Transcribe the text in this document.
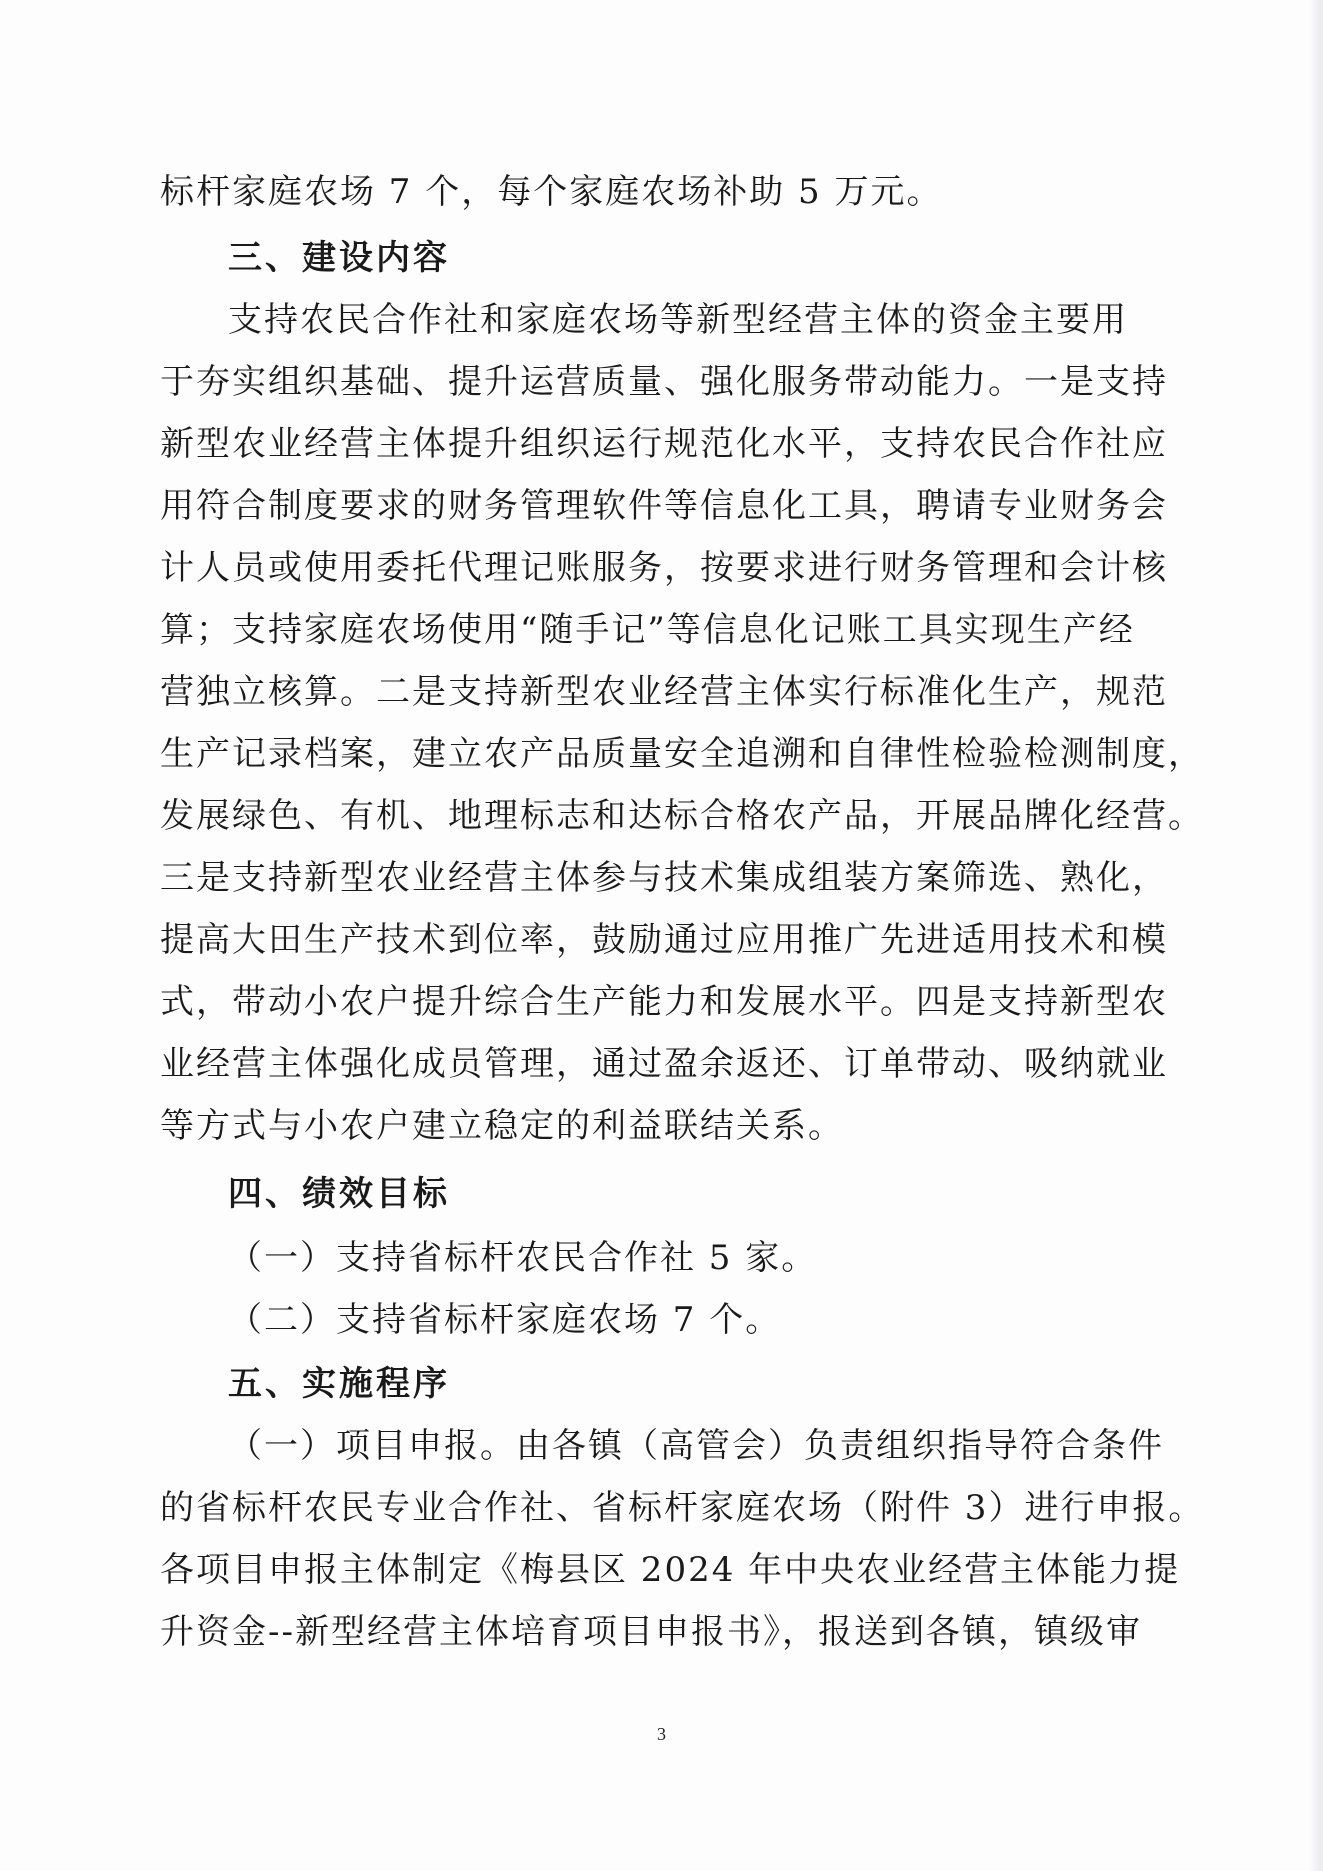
标杆家庭农场 7 个，每个家庭农场补助 5 万元。
三、建设内容
支持农民合作社和家庭农场等新型经营主体的资金主要用
于夯实组织基础、提升运营质量、强化服务带动能力。一是支持
新型农业经营主体提升组织运行规范化水平，支持农民合作社应
用符合制度要求的财务管理软件等信息化工具，聘请专业财务会
计人员或使用委托代理记账服务，按要求进行财务管理和会计核
算；支持家庭农场使用“随手记”等信息化记账工具实现生产经
营独立核算。二是支持新型农业经营主体实行标准化生产，规范
生产记录档案，建立农产品质量安全追溯和自律性检验检测制度，
发展绿色、有机、地理标志和达标合格农产品，开展品牌化经营。
三是支持新型农业经营主体参与技术集成组装方案筛选、熟化，
提高大田生产技术到位率，鼓励通过应用推广先进适用技术和模
式，带动小农户提升综合生产能力和发展水平。四是支持新型农
业经营主体强化成员管理，通过盈余返还、订单带动、吸纳就业
等方式与小农户建立稳定的利益联结关系。
四、绩效目标
（一）支持省标杆农民合作社 5 家。
（二）支持省标杆家庭农场 7 个。
五、实施程序
（一）项目申报。由各镇（高管会）负责组织指导符合条件
的省标杆农民专业合作社、省标杆家庭农场（附件 3）进行申报。
各项目申报主体制定《梅县区 2024 年中央农业经营主体能力提
升资金--新型经营主体培育项目申报书》，报送到各镇，镇级审
3
